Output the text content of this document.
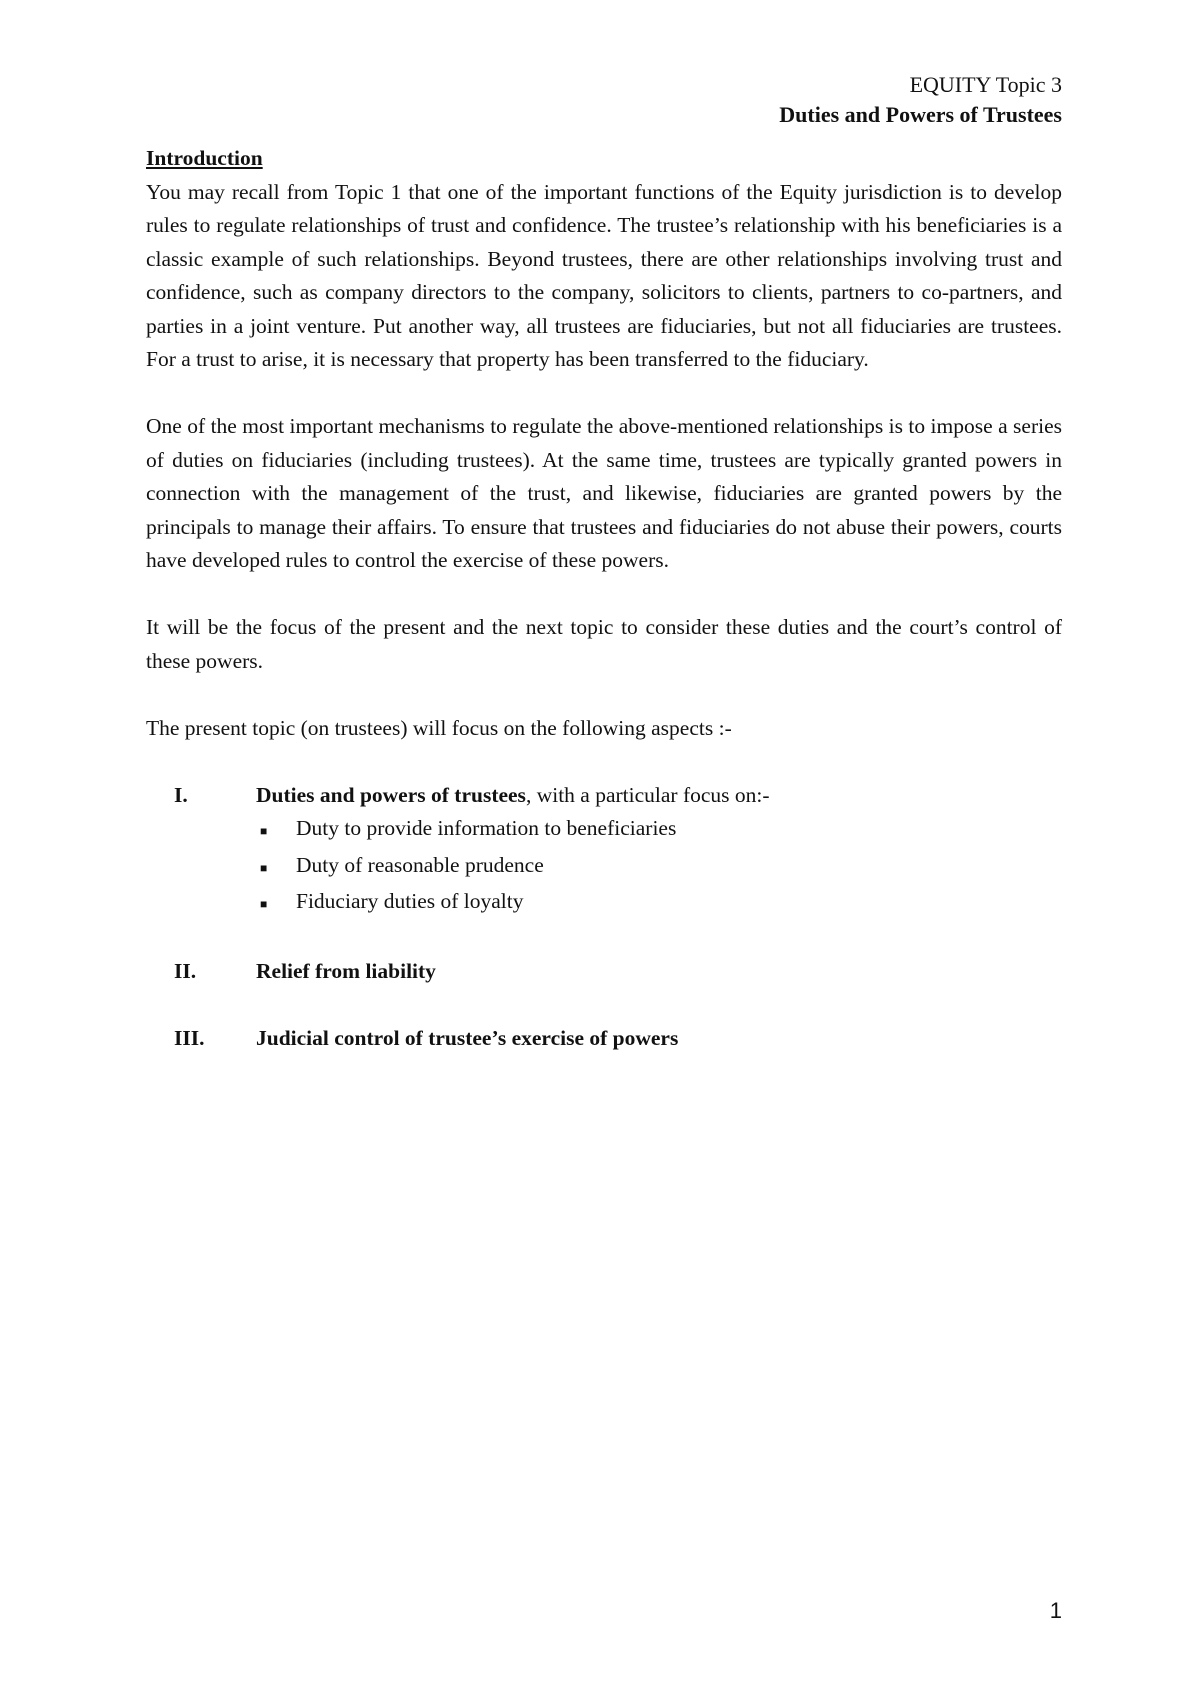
EQUITY Topic 3
Duties and Powers of Trustees
Introduction

You may recall from Topic 1 that one of the important functions of the Equity jurisdiction is to develop rules to regulate relationships of trust and confidence. The trustee’s relationship with his beneficiaries is a classic example of such relationships. Beyond trustees, there are other relationships involving trust and confidence, such as company directors to the company, solicitors to clients, partners to co-partners, and parties in a joint venture. Put another way, all trustees are fiduciaries, but not all fiduciaries are trustees. For a trust to arise, it is necessary that property has been transferred to the fiduciary.

One of the most important mechanisms to regulate the above-mentioned relationships is to impose a series of duties on fiduciaries (including trustees). At the same time, trustees are typically granted powers in connection with the management of the trust, and likewise, fiduciaries are granted powers by the principals to manage their affairs. To ensure that trustees and fiduciaries do not abuse their powers, courts have developed rules to control the exercise of these powers.

It will be the focus of the present and the next topic to consider these duties and the court’s control of these powers.

The present topic (on trustees) will focus on the following aspects :-

I.	Duties and powers of trustees, with a particular focus on:-
■	Duty to provide information to beneficiaries
■	Duty of reasonable prudence
■	Fiduciary duties of loyalty
II.	Relief from liability
III.	Judicial control of trustee’s exercise of powers
1
